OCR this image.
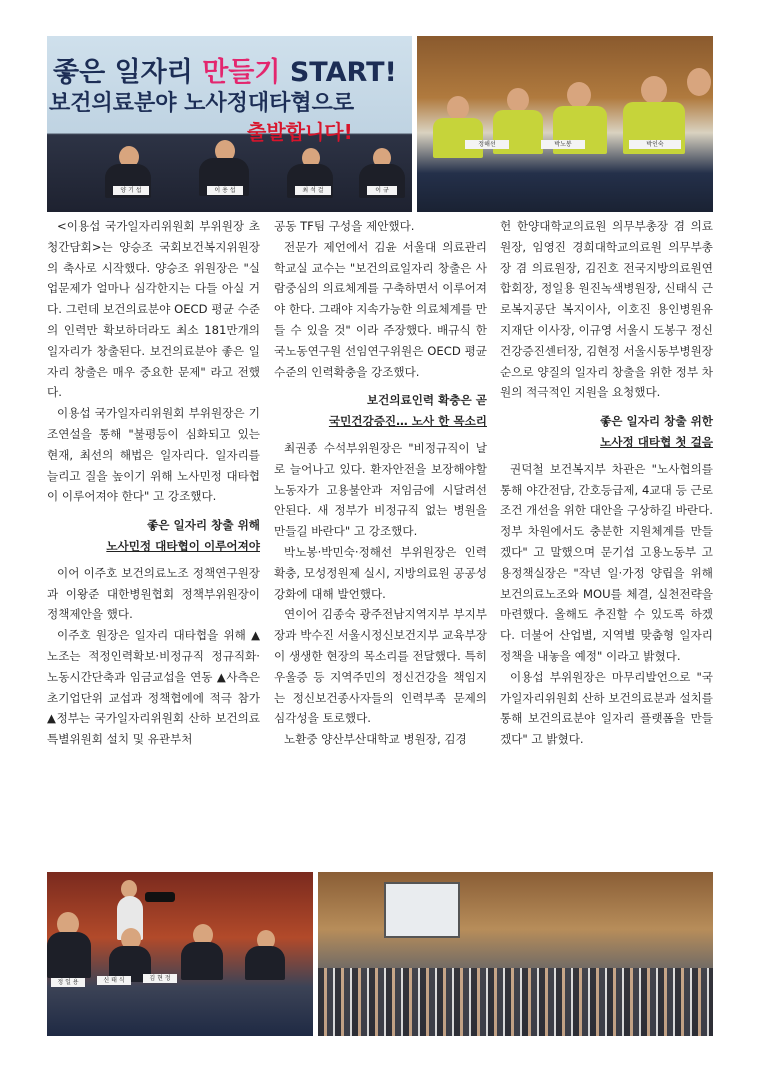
좋은 일자리 만들기 START!
보건의료분야 노사정대타협으로
출발합니다!
양 기 섭	이 용 섭	최 석 걸	이 규
정해선	박노봉	박인숙

<이용섭 국가일자리위원회 부위원장 초청간담회>는 양승조 국회보건복지위원장의 축사로 시작했다. 양승조 위원장은 "실업문제가 얼마나 심각한지는 다들 아실 거다. 그런데 보건의료분야 OECD 평균 수준의 인력만 확보하더라도 최소 181만개의 일자리가 창출된다. 보건의료분야 좋은 일자리 창출은 매우 중요한 문제" 라고 전했다.

이용섭 국가일자리위원회 부위원장은 기조연설을 통해 "불평등이 심화되고 있는 현재, 최선의 해법은 일자리다. 일자리를 늘리고 질을 높이기 위해 노사민정 대타협이 이루어져야 한다" 고 강조했다.

좋은 일자리 창출 위해
노사민정 대타협이 이루어져야

이어 이주호 보건의료노조 정책연구원장과 이왕준 대한병원협회 정책부위원장이 정책제안을 했다.

이주호 원장은 일자리 대타협을 위해 ▲노조는 적정인력확보·비정규직 정규직화·노동시간단축과 임금교섭을 연동 ▲사측은 초기업단위 교섭과 정책협에에 적극 참가 ▲정부는 국가일자리위원회 산하 보건의료특별위원회 설치 및 유관부처

공동 TF팀 구성을 제안했다.

전문가 제언에서 김윤 서울대 의료관리학교실 교수는 "보건의료일자리 창출은 사람중심의 의료체계를 구축하면서 이루어져야 한다. 그래야 지속가능한 의료체계를 만들 수 있을 것" 이라 주장했다. 배규식 한국노동연구원 선임연구위원은 OECD 평균수준의 인력확충을 강조했다.

보건의료인력 확충은 곧
국민건강증진… 노사 한 목소리

최권종 수석부위원장은 "비정규직이 날로 늘어나고 있다. 환자안전을 보장해야할 노동자가 고용불안과 저임금에 시달려선 안된다. 새 정부가 비정규직 없는 병원을 만들길 바란다" 고 강조했다.

박노봉·박민숙·정해선 부위원장은 인력확충, 모성정원제 실시, 지방의료원 공공성 강화에 대해 발언했다.

연이어 김종숙 광주전남지역지부 부지부장과 박수진 서울시정신보건지부 교육부장이 생생한 현장의 목소리를 전달했다. 특히 우울증 등 지역주민의 정신건강을 책임지는 정신보건종사자들의 인력부족 문제의 심각성을 토로했다.

노환중 양산부산대학교 병원장, 김경

헌 한양대학교의료원 의무부총장 겸 의료원장, 임영진 경희대학교의료원 의무부총장 겸 의료원장, 김진호 전국지방의료원연합회장, 정일용 원진녹색병원장, 신태식 근로복지공단 복지이사, 이호진 용인병원유지재단 이사장, 이규영 서울시 도봉구 정신건강증진센터장, 김현정 서울시동부병원장 순으로 양질의 일자리 창출을 위한 정부 차원의 적극적인 지원을 요청했다.

좋은 일자리 창출 위한
노사정 대타협 첫 걸음

권덕철 보건복지부 차관은 "노사협의를 통해 야간전담, 간호등급제, 4교대 등 근로조건 개선을 위한 대안을 구상하길 바란다. 정부 차원에서도 충분한 지원체계를 만들겠다" 고 말했으며 문기섭 고용노동부 고용정책실장은 "작년 일·가정 양립을 위해 보건의료노조와 MOU를 체결, 실천전략을 마련했다. 올해도 추진할 수 있도록 하겠다. 더불어 산업별, 지역별 맞춤형 일자리 정책을 내놓을 예정" 이라고 밝혔다.

이용섭 부위원장은 마무리발언으로 "국가일자리위원회 산하 보건의료분과 설치를 통해 보건의료분야 일자리 플랫폼을 만들겠다" 고 밝혔다.

정 일 용	신 태 식	김 현 정
